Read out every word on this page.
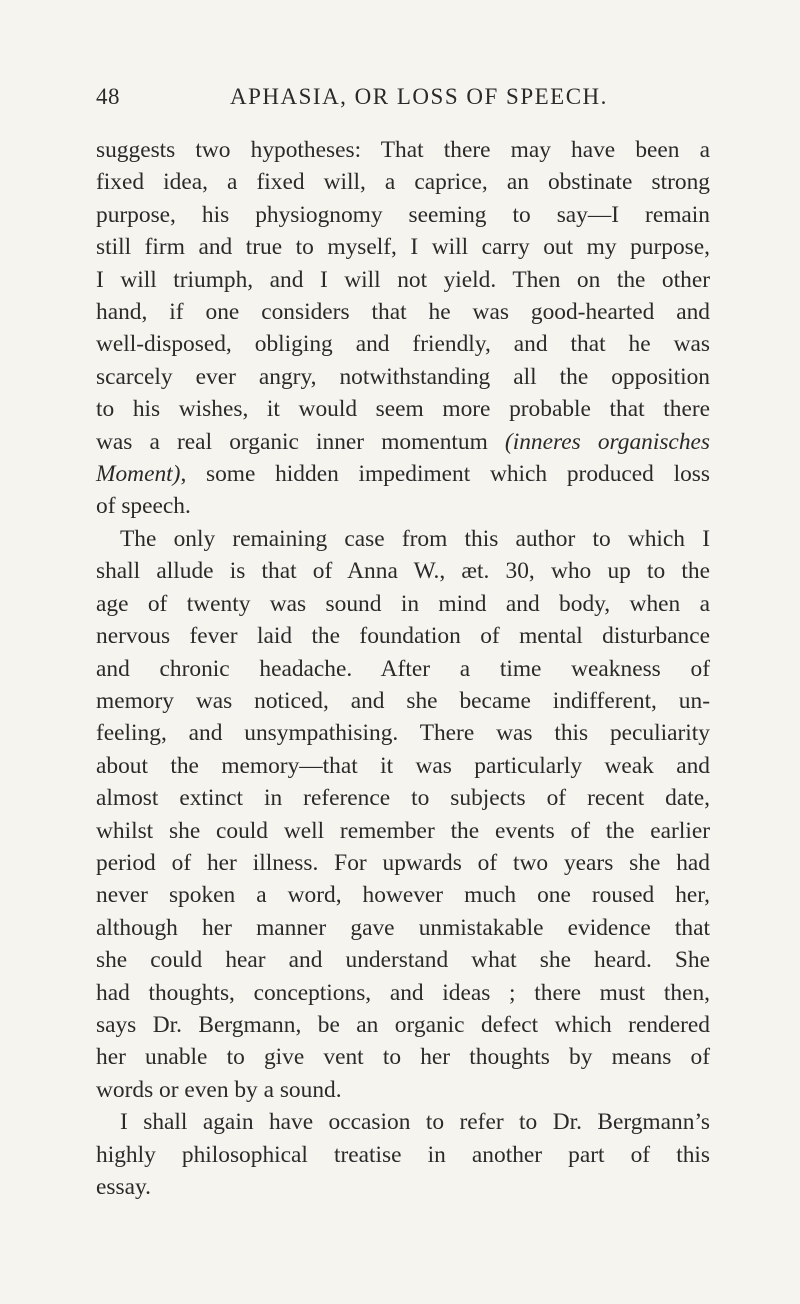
48	APHASIA, OR LOSS OF SPEECH.
suggests two hypotheses: That there may have been a
fixed idea, a fixed will, a caprice, an obstinate strong
purpose, his physiognomy seeming to say—I remain
still firm and true to myself, I will carry out my purpose,
I will triumph, and I will not yield. Then on the other
hand, if one considers that he was good-hearted and
well-disposed, obliging and friendly, and that he was
scarcely ever angry, notwithstanding all the opposition
to his wishes, it would seem more probable that there
was a real organic inner momentum (inneres organisches
Moment), some hidden impediment which produced loss
of speech.
The only remaining case from this author to which I
shall allude is that of Anna W., æt. 30, who up to the
age of twenty was sound in mind and body, when a
nervous fever laid the foundation of mental disturbance
and chronic headache. After a time weakness of
memory was noticed, and she became indifferent, un-
feeling, and unsympathising. There was this peculiarity
about the memory—that it was particularly weak and
almost extinct in reference to subjects of recent date,
whilst she could well remember the events of the earlier
period of her illness. For upwards of two years she had
never spoken a word, however much one roused her,
although her manner gave unmistakable evidence that
she could hear and understand what she heard. She
had thoughts, conceptions, and ideas ; there must then,
says Dr. Bergmann, be an organic defect which rendered
her unable to give vent to her thoughts by means of
words or even by a sound.
I shall again have occasion to refer to Dr. Bergmann’s
highly philosophical treatise in another part of this
essay.
